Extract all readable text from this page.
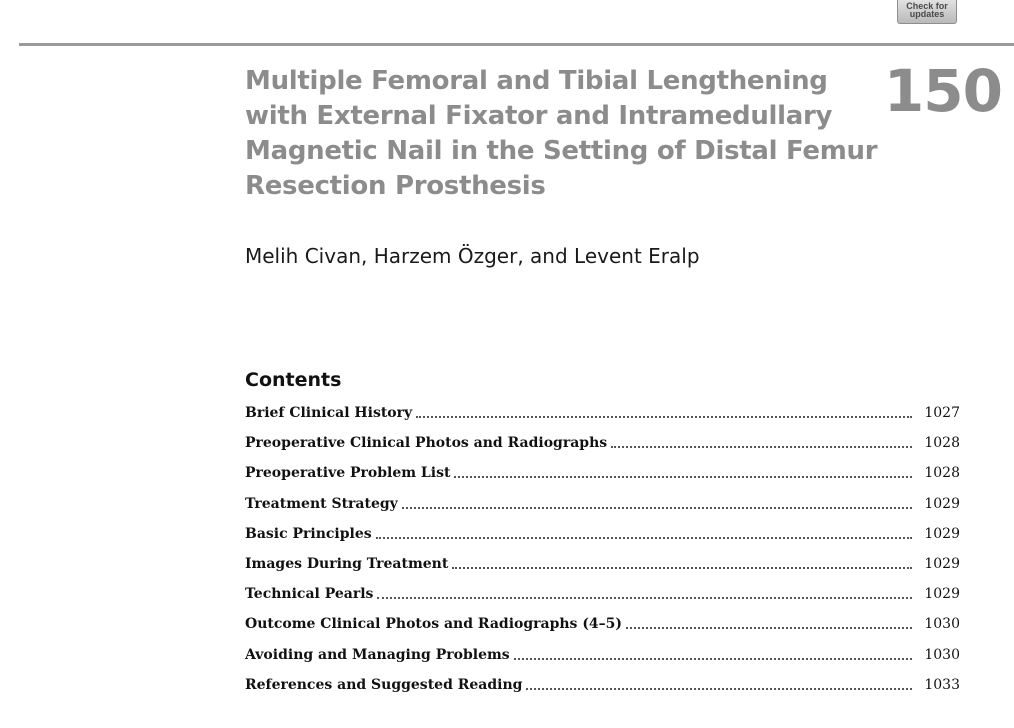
Check for
updates
Multiple Femoral and Tibial Lengthening
with External Fixator and Intramedullary
Magnetic Nail in the Setting of Distal Femur
Resection Prosthesis
150
Melih Civan, Harzem Özger, and Levent Eralp
Contents
Brief Clinical History	1027
Preoperative Clinical Photos and Radiographs	1028
Preoperative Problem List	1028
Treatment Strategy	1029
Basic Principles	1029
Images During Treatment	1029
Technical Pearls	1029
Outcome Clinical Photos and Radiographs (4–5)	1030
Avoiding and Managing Problems	1030
References and Suggested Reading	1033
